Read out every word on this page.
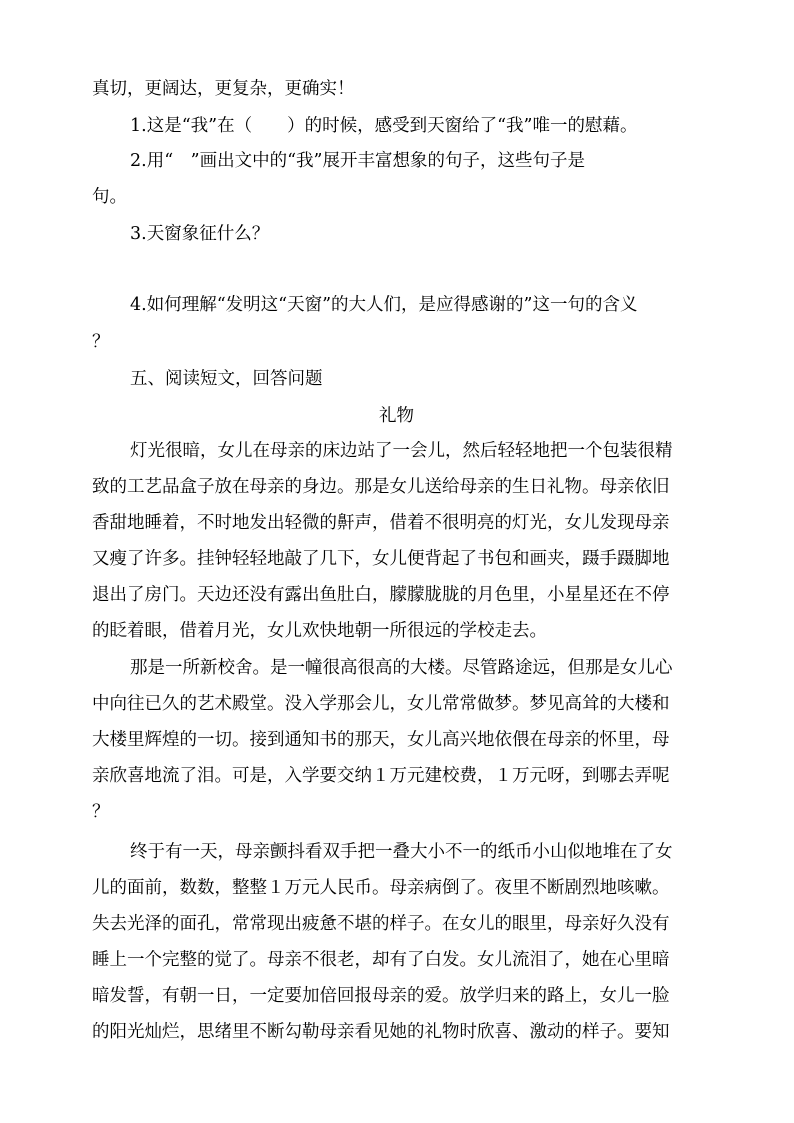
真切，更阔达，更复杂，更确实！
1.这是“我”在（　　）的时候，感受到天窗给了“我”唯一的慰藉。
2.用“　”画出文中的“我”展开丰富想象的句子，这些句子是
句。
3.天窗象征什么？
4.如何理解“发明这“天窗”的大人们，是应得感谢的”这一句的含义
？
五、阅读短文，回答问题
礼物
灯光很暗，女儿在母亲的床边站了一会儿，然后轻轻地把一个包装很精
致的工艺品盒子放在母亲的身边。那是女儿送给母亲的生日礼物。母亲依旧
香甜地睡着，不时地发出轻微的鼾声，借着不很明亮的灯光，女儿发现母亲
又瘦了许多。挂钟轻轻地敲了几下，女儿便背起了书包和画夹，蹑手蹑脚地
退出了房门。天边还没有露出鱼肚白，朦朦胧胧的月色里，小星星还在不停
的眨着眼，借着月光，女儿欢快地朝一所很远的学校走去。
那是一所新校舍。是一幢很高很高的大楼。尽管路途远，但那是女儿心
中向往已久的艺术殿堂。没入学那会儿，女儿常常做梦。梦见高耸的大楼和
大楼里辉煌的一切。接到通知书的那天，女儿高兴地依偎在母亲的怀里，母
亲欣喜地流了泪。可是，入学要交纳１万元建校费，１万元呀，到哪去弄呢
？
终于有一天，母亲颤抖看双手把一叠大小不一的纸币小山似地堆在了女
儿的面前，数数，整整１万元人民币。母亲病倒了。夜里不断剧烈地咳嗽。
失去光泽的面孔，常常现出疲惫不堪的样子。在女儿的眼里，母亲好久没有
睡上一个完整的觉了。母亲不很老，却有了白发。女儿流泪了，她在心里暗
暗发誓，有朝一日，一定要加倍回报母亲的爱。放学归来的路上，女儿一脸
的阳光灿烂，思绪里不断勾勒母亲看见她的礼物时欣喜、激动的样子。要知
